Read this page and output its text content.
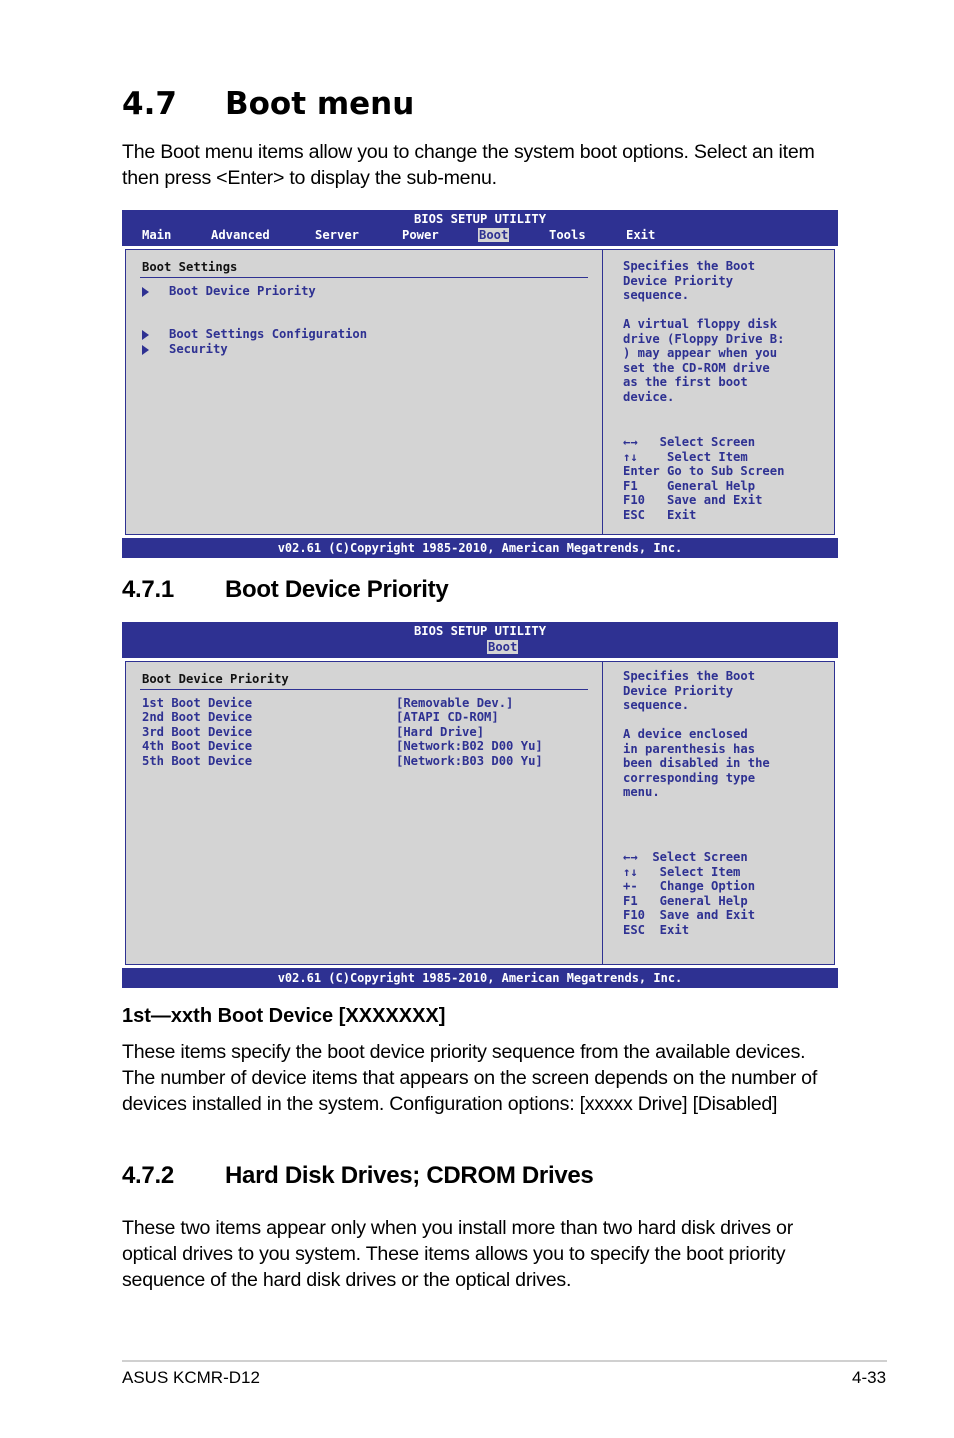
4.7 Boot menu

The Boot menu items allow you to change the system boot options. Select an item then press <Enter> to display the sub-menu.

BIOS SETUP UTILITY
Main	Advanced	Server	Power	Boot	Tools	Exit
Boot Settings
Boot Device Priority
Boot Settings Configuration
Security
Specifies the Boot
Device Priority
sequence.

A virtual floppy disk
drive (Floppy Drive B:
) may appear when you
set the CD-ROM drive
as the first boot
device.
←→   Select Screen
↑↓    Select Item
Enter Go to Sub Screen
F1    General Help
F10   Save and Exit
ESC   Exit
v02.61 (C)Copyright 1985-2010, American Megatrends, Inc.
4.7.1 Boot Device Priority
BIOS SETUP UTILITY
Boot
Boot Device Priority
1st Boot Device	[Removable Dev.]
2nd Boot Device	[ATAPI CD-ROM]
3rd Boot Device	[Hard Drive]
4th Boot Device	[Network:B02 D00 Yu]
5th Boot Device	[Network:B03 D00 Yu]
Specifies the Boot
Device Priority
sequence.

A device enclosed
in parenthesis has
been disabled in the
corresponding type
menu.
←→  Select Screen
↑↓   Select Item
+-   Change Option
F1   General Help
F10  Save and Exit
ESC  Exit
v02.61 (C)Copyright 1985-2010, American Megatrends, Inc.
1st—xxth Boot Device [XXXXXXX]

These items specify the boot device priority sequence from the available devices. The number of device items that appears on the screen depends on the number of devices installed in the system. Configuration options: [xxxxx Drive] [Disabled]

4.7.2 Hard Disk Drives; CDROM Drives

These two items appear only when you install more than two hard disk drives or optical drives to you system. These items allows you to specify the boot priority sequence of the hard disk drives or the optical drives.

ASUS KCMR-D12	4-33
